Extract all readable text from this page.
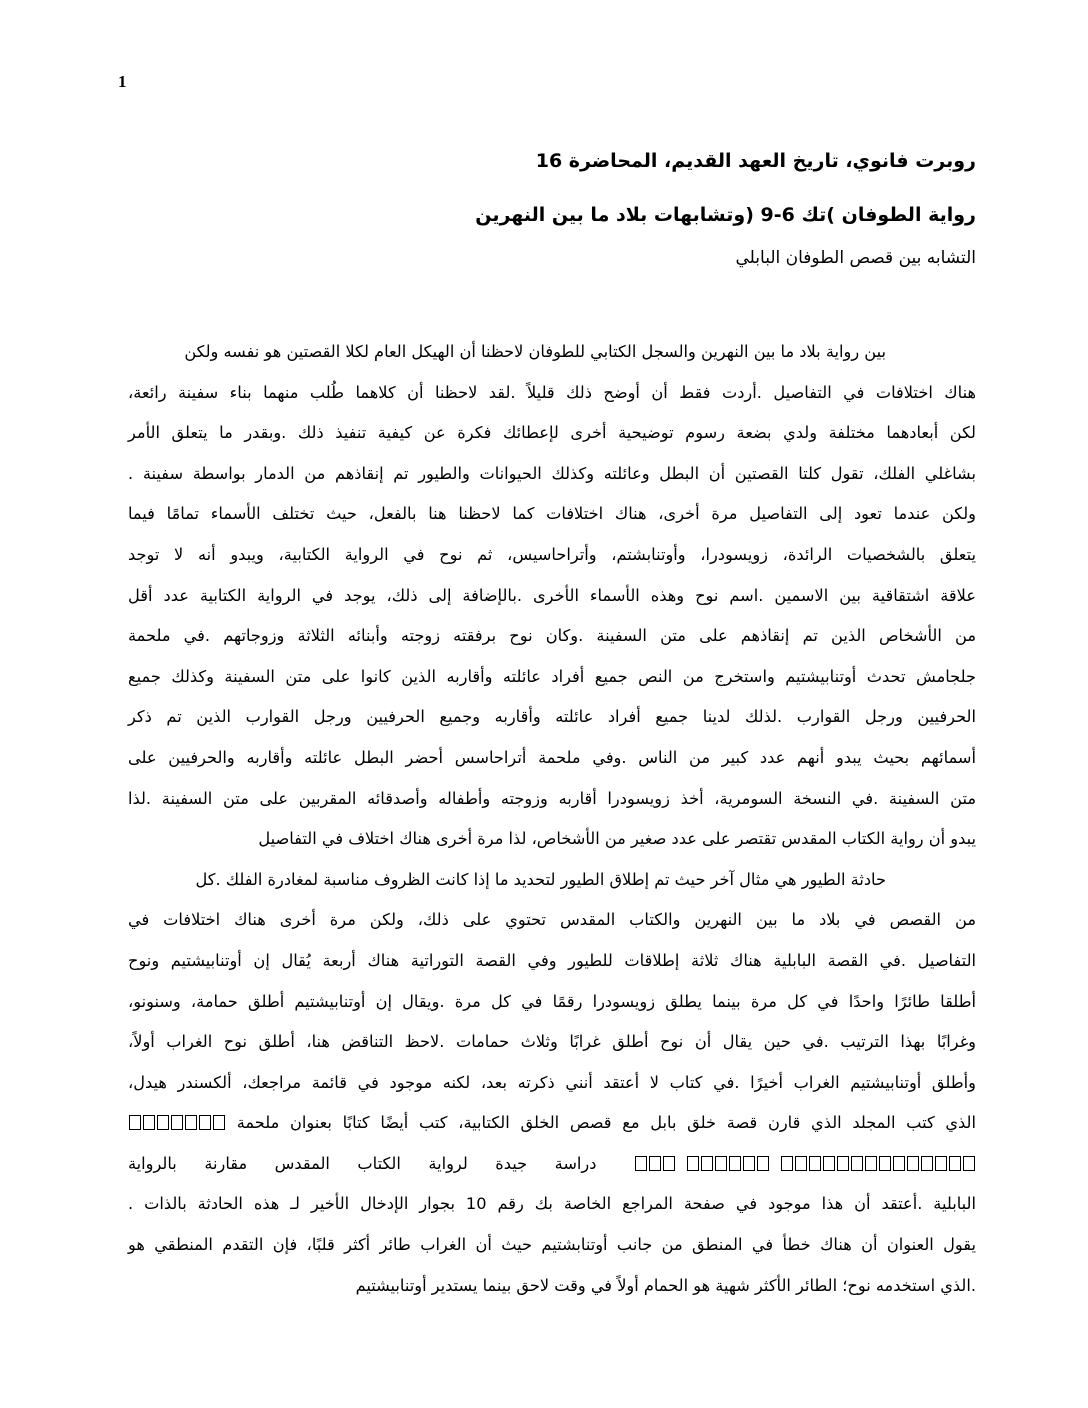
1
روبرت فانوي، تاريخ العهد القديم، المحاضرة 16
رواية الطوفان )تك 6-9 (وتشابهات بلاد ما بين النهرين
التشابه بين قصص الطوفان البابلي
بين رواية بلاد ما بين النهرين والسجل الكتابي للطوفان لاحظنا أن الهيكل العام لكلا القصتين هو نفسه ولكن
هناك اختلافات في التفاصيل .أردت فقط أن أوضح ذلك قليلاً .لقد لاحظنا أن كلاهما طُلب منهما بناء سفينة رائعة،
لكن أبعادهما مختلفة ولدي بضعة رسوم توضيحية أخرى لإعطائك فكرة عن كيفية تنفيذ ذلك .وبقدر ما يتعلق الأمر
بشاغلي الفلك، تقول كلتا القصتين أن البطل وعائلته وكذلك الحيوانات والطيور تم إنقاذهم من الدمار بواسطة سفينة .
ولكن عندما تعود إلى التفاصيل مرة أخرى، هناك اختلافات كما لاحظنا هنا بالفعل، حيث تختلف الأسماء تمامًا فيما
يتعلق بالشخصيات الرائدة، زويسودرا، وأوتنابشتم، وأتراحاسيس، ثم نوح في الرواية الكتابية، ويبدو أنه لا توجد
علاقة اشتقاقية بين الاسمين .اسم نوح وهذه الأسماء الأخرى .بالإضافة إلى ذلك، يوجد في الرواية الكتابية عدد أقل
من الأشخاص الذين تم إنقاذهم على متن السفينة .وكان نوح برفقته زوجته وأبنائه الثلاثة وزوجاتهم .في ملحمة
جلجامش تحدث أوتنابيشتيم واستخرج من النص جميع أفراد عائلته وأقاربه الذين كانوا على متن السفينة وكذلك جميع
الحرفيين ورجل القوارب .لذلك لدينا جميع أفراد عائلته وأقاربه وجميع الحرفيين ورجل القوارب الذين تم ذكر
أسمائهم بحيث يبدو أنهم عدد كبير من الناس .وفي ملحمة أتراحاسس أحضر البطل عائلته وأقاربه والحرفيين على
متن السفينة .في النسخة السومرية، أخذ زويسودرا أقاربه وزوجته وأطفاله وأصدقائه المقربين على متن السفينة .لذا
يبدو أن رواية الكتاب المقدس تقتصر على عدد صغير من الأشخاص، لذا مرة أخرى هناك اختلاف في التفاصيل
حادثة الطيور هي مثال آخر حيث تم إطلاق الطيور لتحديد ما إذا كانت الظروف مناسبة لمغادرة الفلك .كل
من القصص في بلاد ما بين النهرين والكتاب المقدس تحتوي على ذلك، ولكن مرة أخرى هناك اختلافات في
التفاصيل .في القصة البابلية هناك ثلاثة إطلاقات للطيور وفي القصة التوراتية هناك أربعة يُقال إن أوتنابيشتيم ونوح
أطلقا طائرًا واحدًا في كل مرة بينما يطلق زويسودرا رقمًا في كل مرة .ويقال إن أوتنابيشتيم أطلق حمامة، وسنونو،
وغرابًا بهذا الترتيب .في حين يقال أن نوح أطلق غرابًا وثلاث حمامات .لاحظ التناقض هنا، أطلق نوح الغراب أولاً،
وأطلق أوتنابيشتيم الغراب أخيرًا .في كتاب لا أعتقد أنني ذكرته بعد، لكنه موجود في قائمة مراجعك، ألكسندر هيدل،
الذي كتب المجلد الذي قارن قصة خلق بابل مع قصص الخلق الكتابية، كتب أيضًا كتابًا بعنوان ملحمة
دراسة جيدة لرواية الكتاب المقدس مقارنة بالرواية
البابلية .أعتقد أن هذا موجود في صفحة المراجع الخاصة بك رقم 10 بجوار الإدخال الأخير لـ هذه الحادثة بالذات .
يقول العنوان أن هناك خطأ في المنطق من جانب أوتنابشتيم حيث أن الغراب طائر أكثر قلبًا، فإن التقدم المنطقي هو
.الذي استخدمه نوح؛ الطائر الأكثر شهية هو الحمام أولاً في وقت لاحق بينما يستدير أوتنابيشتيم
